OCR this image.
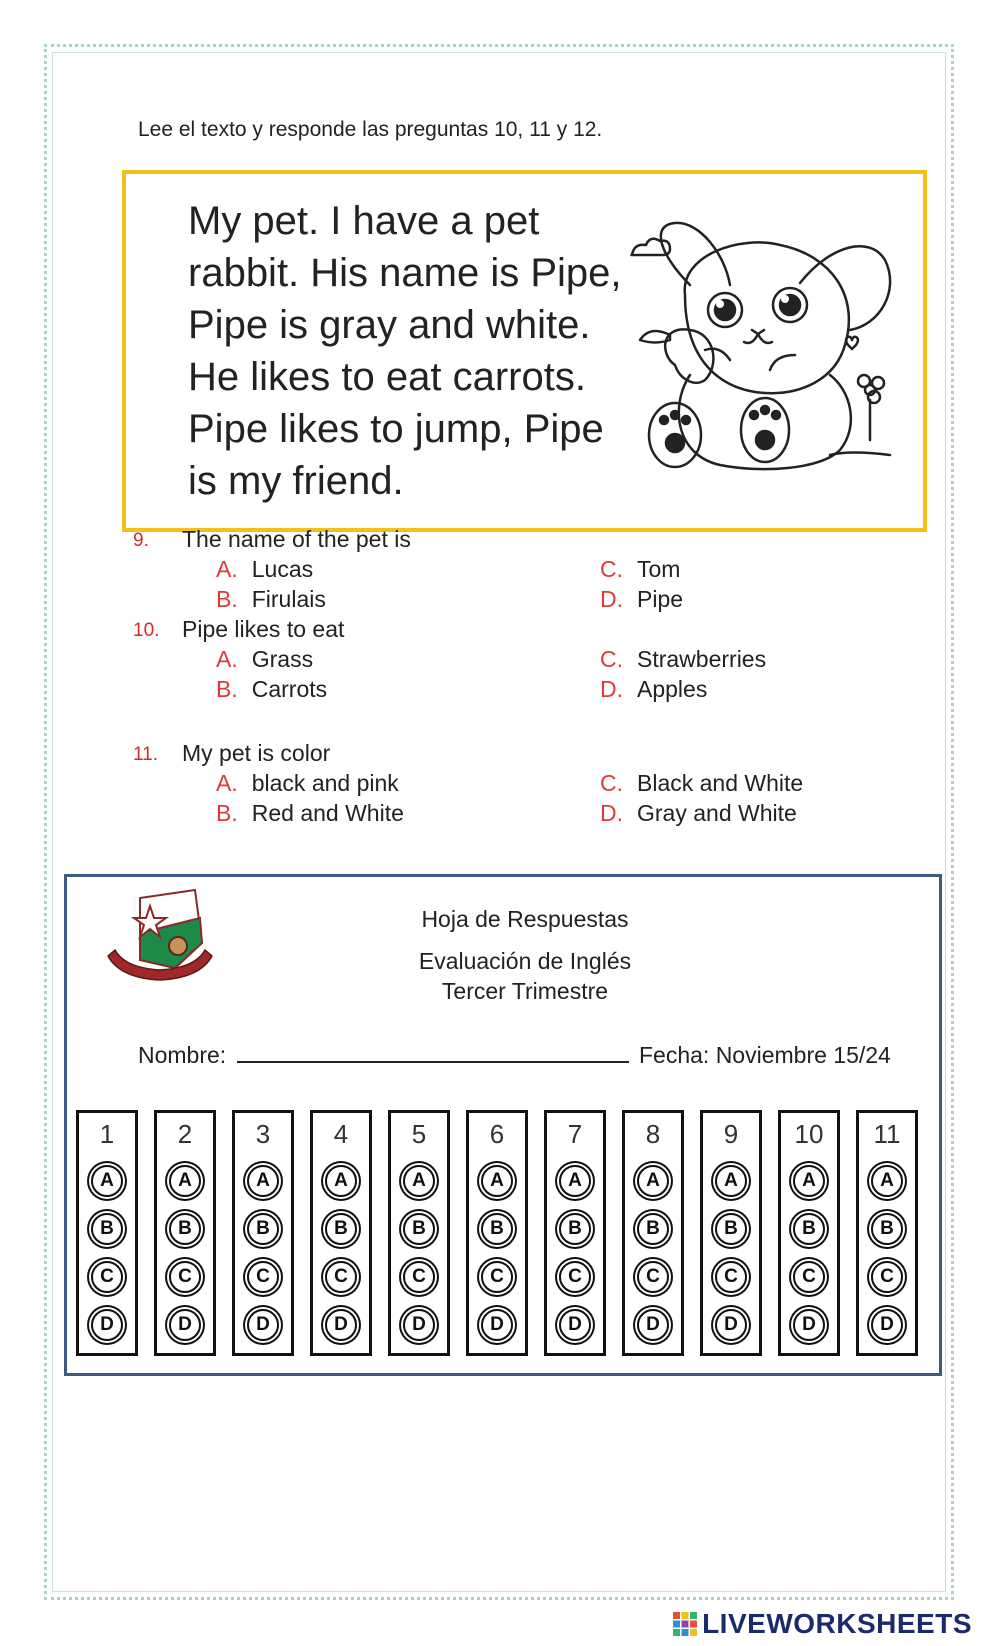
Lee el texto y responde las preguntas 10, 11 y 12.
My pet. I have a pet
rabbit. His name is Pipe,
Pipe is gray and white.
He likes to eat carrots.
Pipe likes to jump, Pipe
is my friend.
9. The name of the pet is
A. Lucas
B. Firulais
C. Tom
D. Pipe
10. Pipe likes to eat
A. Grass
B. Carrots
C. Strawberries
D. Apples
11. My pet is color
A. black and pink
B. Red and White
C. Black and White
D. Gray and White
Hoja de Respuestas
Evaluación de Inglés
Tercer Trimestre
Nombre:	Fecha: Noviembre 15/24
1
A
B
C
D
2
A
B
C
D
3
A
B
C
D
4
A
B
C
D
5
A
B
C
D
6
A
B
C
D
7
A
B
C
D
8
A
B
C
D
9
A
B
C
D
10
A
B
C
D
11
A
B
C
D
LIVEWORKSHEETS
